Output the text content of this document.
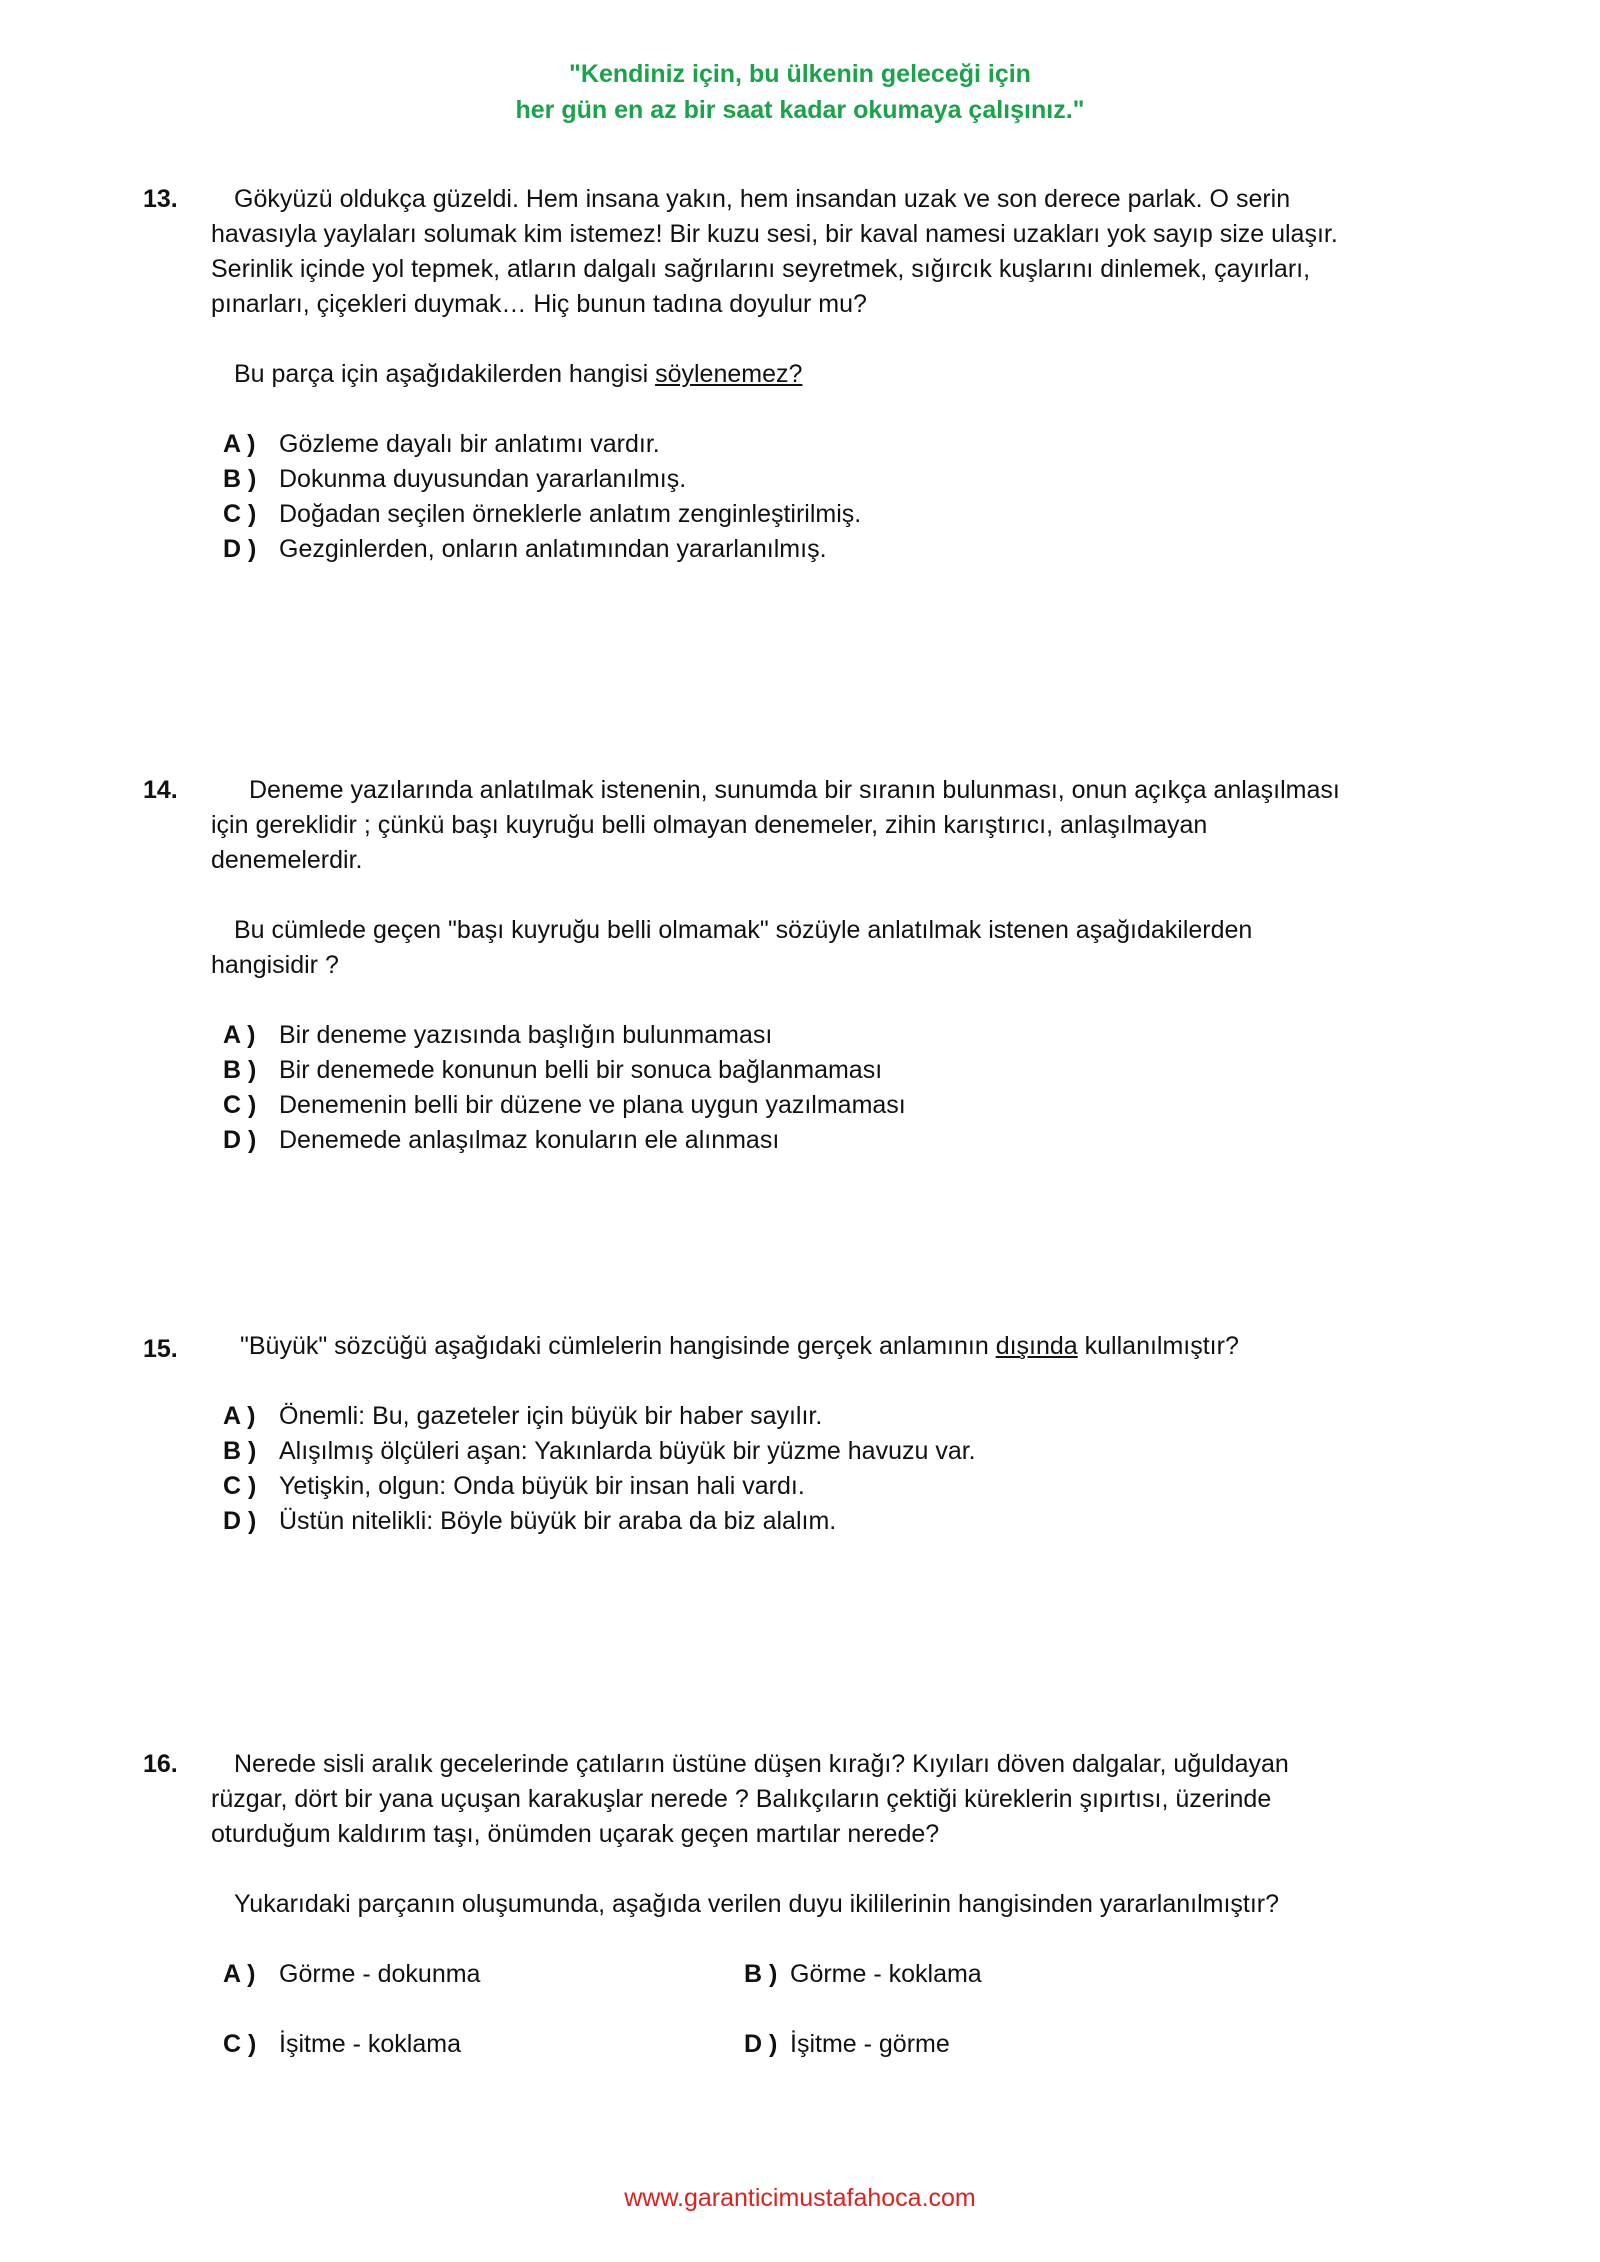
"Kendiniz için, bu ülkenin geleceği için
her gün en az bir saat kadar okumaya çalışınız."
13.	Gökyüzü oldukça güzeldi. Hem insana yakın, hem insandan uzak ve son derece parlak. O serin havasıyla yaylaları solumak kim istemez! Bir kuzu sesi, bir kaval namesi uzakları yok sayıp size ulaşır. Serinlik içinde yol tepmek, atların dalgalı sağrılarını seyretmek, sığırcık kuşlarını dinlemek, çayırları, pınarları, çiçekleri duymak… Hiç bunun tadına doyulur mu?
Bu parça için aşağıdakilerden hangisi söylenemez?
A ) Gözleme dayalı bir anlatımı vardır.
B ) Dokunma duyusundan yararlanılmış.
C ) Doğadan seçilen örneklerle anlatım zenginleştirilmiş.
D ) Gezginlerden, onların anlatımından yararlanılmış.
14.	Deneme yazılarında anlatılmak istenenin, sunumda bir sıranın bulunması, onun açıkça anlaşılması için gereklidir ; çünkü başı kuyruğu belli olmayan denemeler, zihin karıştırıcı, anlaşılmayan denemelerdir.
Bu cümlede geçen "başı kuyruğu belli olmamak" sözüyle anlatılmak istenen aşağıdakilerden hangisidir ?
A ) Bir deneme yazısında başlığın bulunmaması
B ) Bir denemede konunun belli bir sonuca bağlanmaması
C ) Denemenin belli bir düzene ve plana uygun yazılmaması
D ) Denemede anlaşılmaz konuların ele alınması
15.	"Büyük" sözcüğü aşağıdaki cümlelerin hangisinde gerçek anlamının dışında kullanılmıştır?
A ) Önemli: Bu, gazeteler için büyük bir haber sayılır.
B ) Alışılmış ölçüleri aşan: Yakınlarda büyük bir yüzme havuzu var.
C ) Yetişkin, olgun: Onda büyük bir insan hali vardı.
D ) Üstün nitelikli: Böyle büyük bir araba da biz alalım.
16.	Nerede sisli aralık gecelerinde çatıların üstüne düşen kırağı? Kıyıları döven dalgalar, uğuldayan rüzgar, dört bir yana uçuşan karakuşlar nerede ? Balıkçıların çektiği küreklerin şıpırtısı, üzerinde oturduğum kaldırım taşı, önümden uçarak geçen martılar nerede?
Yukarıdaki parçanın oluşumunda, aşağıda verilen duyu ikililerinin hangisinden yararlanılmıştır?
A ) Görme - dokunma	B ) Görme - koklama
C ) İşitme - koklama	D ) İşitme - görme
www.garanticimustafahoca.com
